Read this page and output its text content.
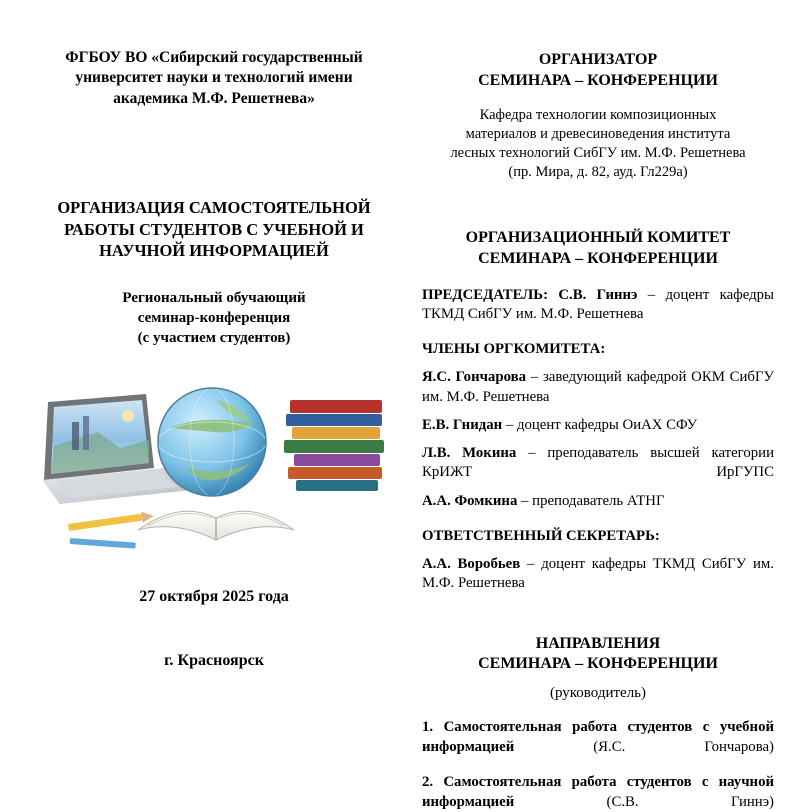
ФГБОУ ВО «Сибирский государственный университет науки и технологий имени академика М.Ф. Решетнева»
ОРГАНИЗАЦИЯ САМОСТОЯТЕЛЬНОЙ РАБОТЫ СТУДЕНТОВ С УЧЕБНОЙ И НАУЧНОЙ ИНФОРМАЦИЕЙ
Региональный обучающий
семинар-конференция
(с участием студентов)
27 октября 2025 года
г. Красноярск
ОРГАНИЗАТОР
СЕМИНАРА – КОНФЕРЕНЦИИ
Кафедра технологии композиционных
материалов и древесиноведения института
лесных технологий СибГУ им. М.Ф. Решетнева
(пр. Мира, д. 82, ауд. Гл229а)
ОРГАНИЗАЦИОННЫЙ КОМИТЕТ
СЕМИНАРА – КОНФЕРЕНЦИИ
ПРЕДСЕДАТЕЛЬ: С.В. Гиннэ – доцент кафедры ТКМД СибГУ им. М.Ф. Решетнева
ЧЛЕНЫ ОРГКОМИТЕТА:
Я.С. Гончарова – заведующий кафедрой ОКМ СибГУ им. М.Ф. Решетнева
Е.В. Гнидан – доцент кафедры ОиАХ СФУ
Л.В. Мокина – преподаватель высшей категории КрИЖТ ИрГУПС
А.А. Фомкина – преподаватель АТНГ
ОТВЕТСТВЕННЫЙ СЕКРЕТАРЬ:
А.А. Воробьев – доцент кафедры ТКМД СибГУ им. М.Ф. Решетнева
НАПРАВЛЕНИЯ
СЕМИНАРА – КОНФЕРЕНЦИИ
(руководитель)
1. Самостоятельная работа студентов с учебной информацией (Я.С. Гончарова)
2. Самостоятельная работа студентов с научной информацией (С.В. Гиннэ)
